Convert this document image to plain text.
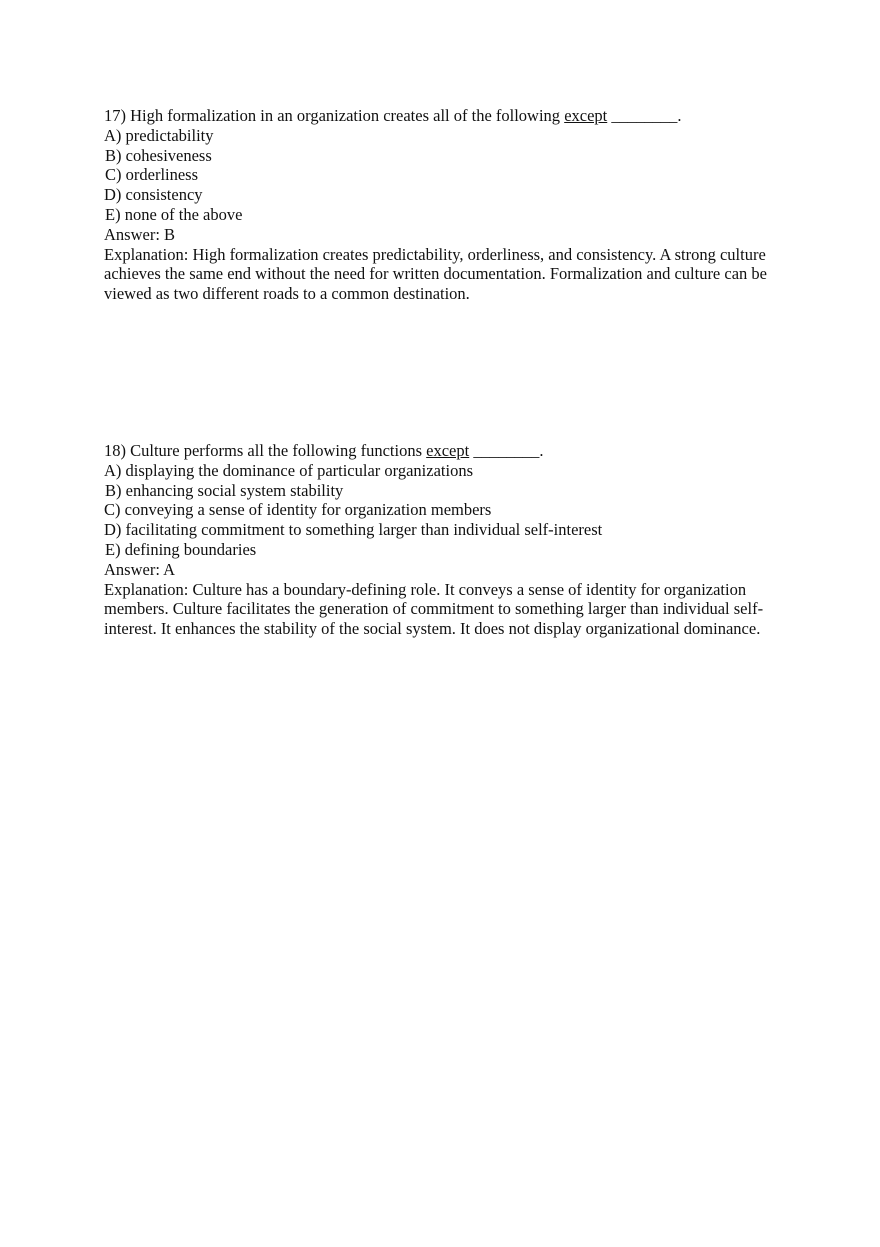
17) High formalization in an organization creates all of the following except ________.
A) predictability
B) cohesiveness
C) orderliness
D) consistency
E) none of the above
Answer: B
Explanation: High formalization creates predictability, orderliness, and consistency. A strong culture achieves the same end without the need for written documentation. Formalization and culture can be viewed as two different roads to a common destination.
18) Culture performs all the following functions except ________.
A) displaying the dominance of particular organizations
B) enhancing social system stability
C) conveying a sense of identity for organization members
D) facilitating commitment to something larger than individual self-interest
E) defining boundaries
Answer: A
Explanation: Culture has a boundary-defining role. It conveys a sense of identity for organization members. Culture facilitates the generation of commitment to something larger than individual self-interest. It enhances the stability of the social system. It does not display organizational dominance.
